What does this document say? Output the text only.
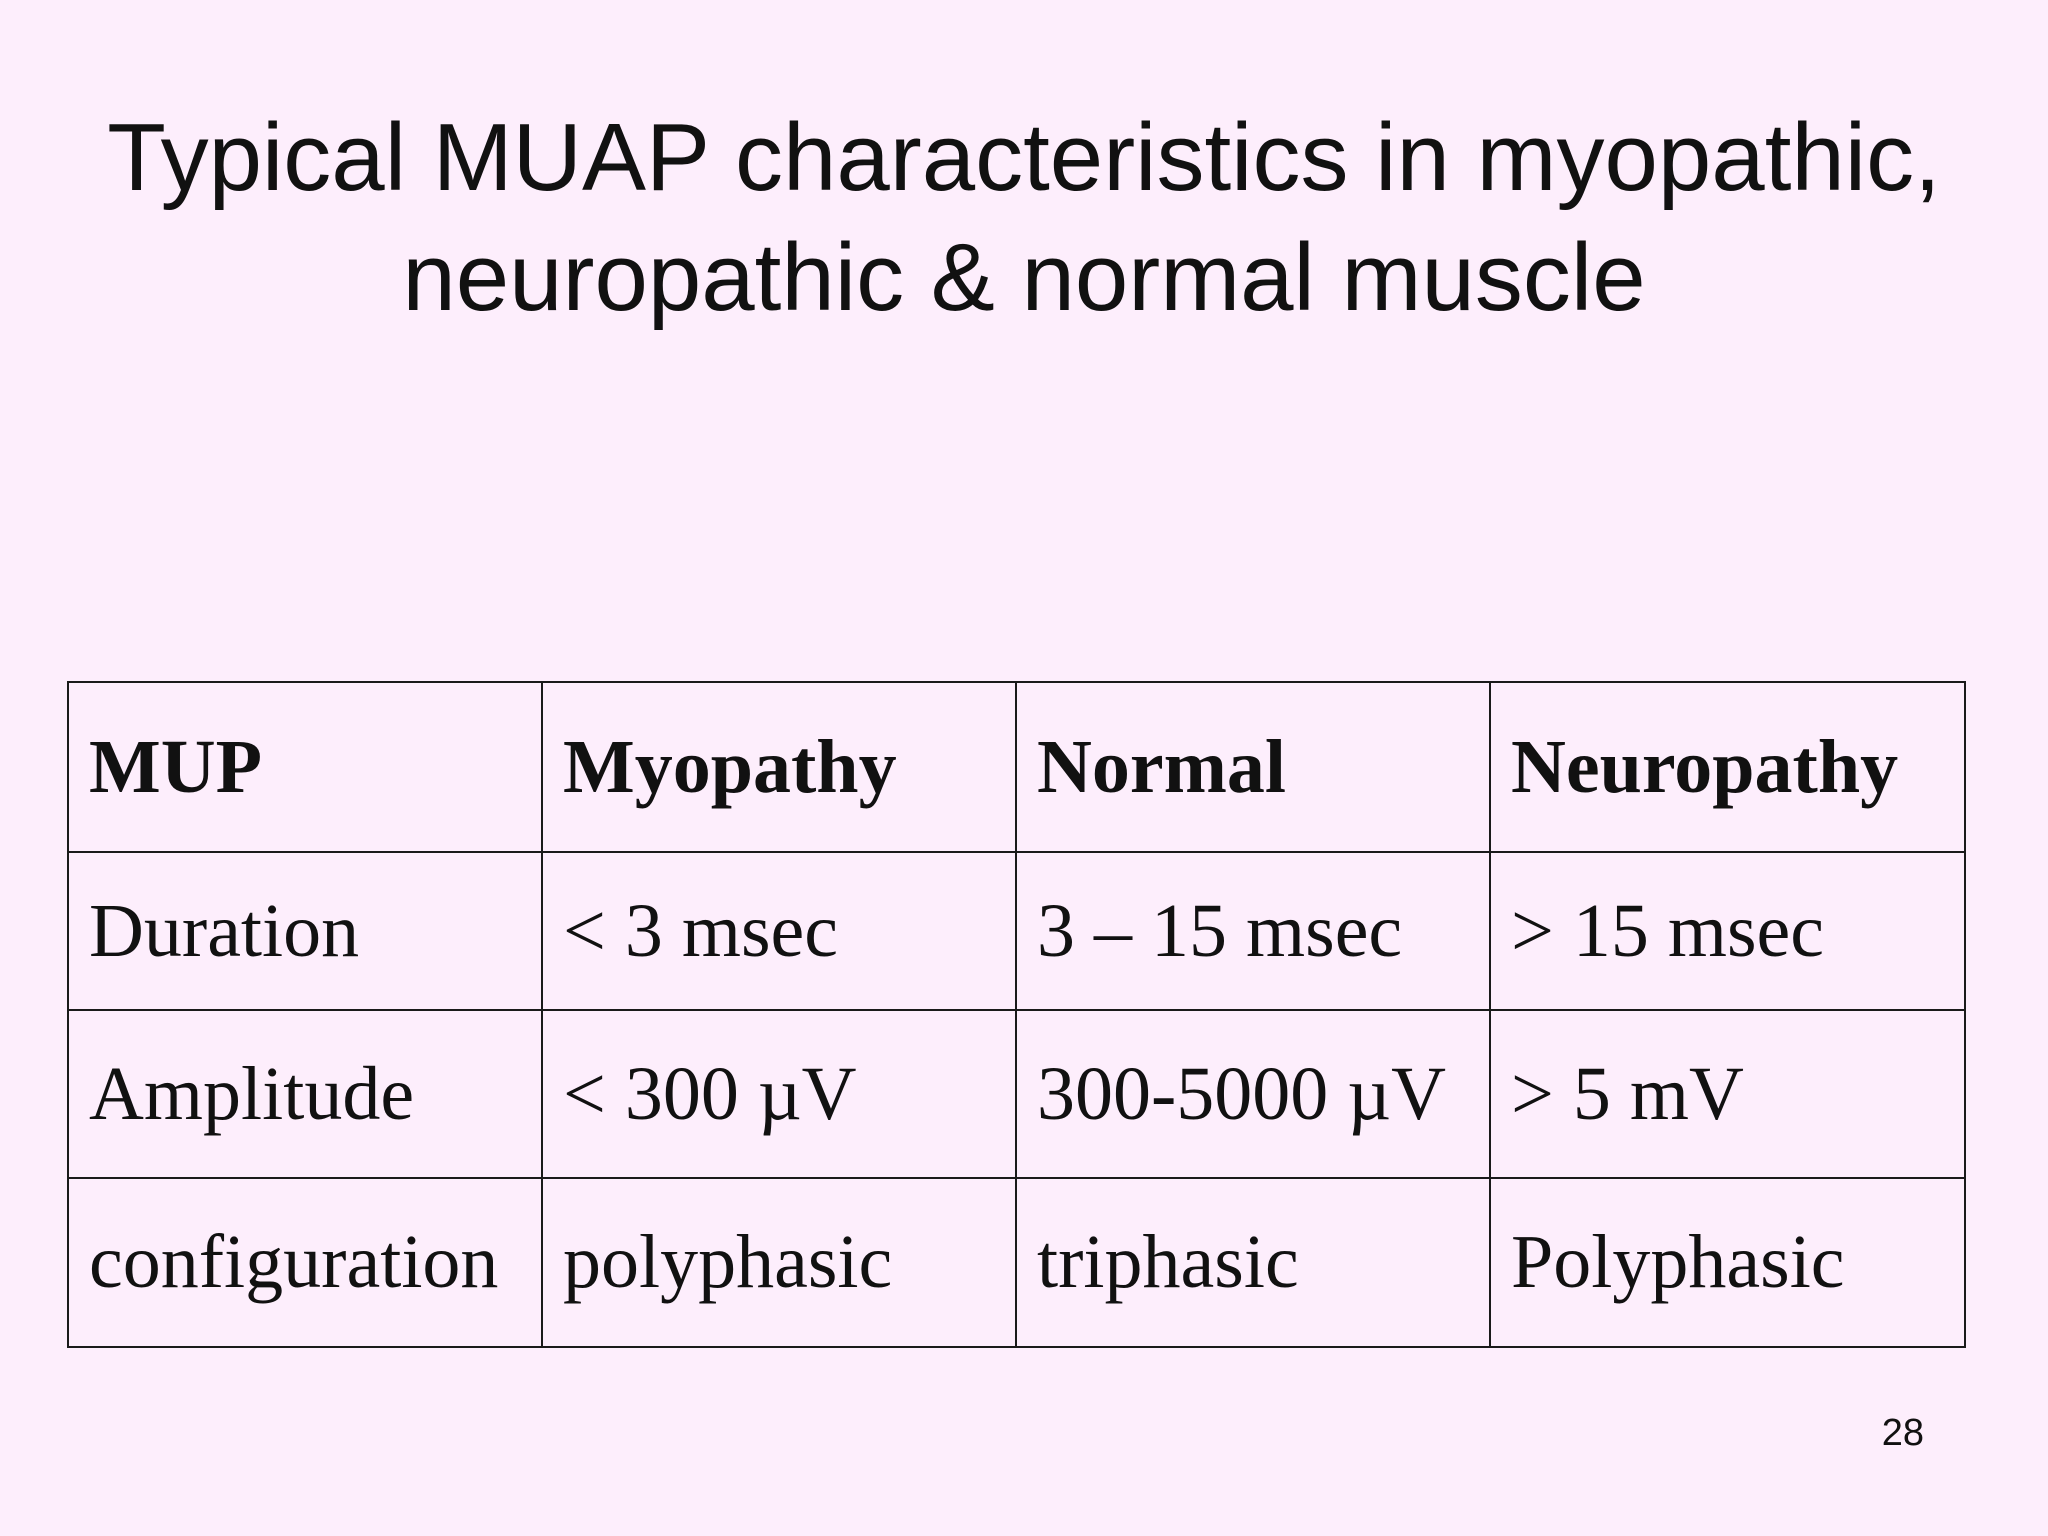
Typical MUAP characteristics in myopathic,
neuropathic & normal muscle
MUP	Myopathy	Normal	Neuropathy
Duration	< 3 msec	3 – 15 msec	> 15 msec
Amplitude	< 300 µV	300-5000 µV	> 5 mV
configuration	polyphasic	triphasic	Polyphasic
28
